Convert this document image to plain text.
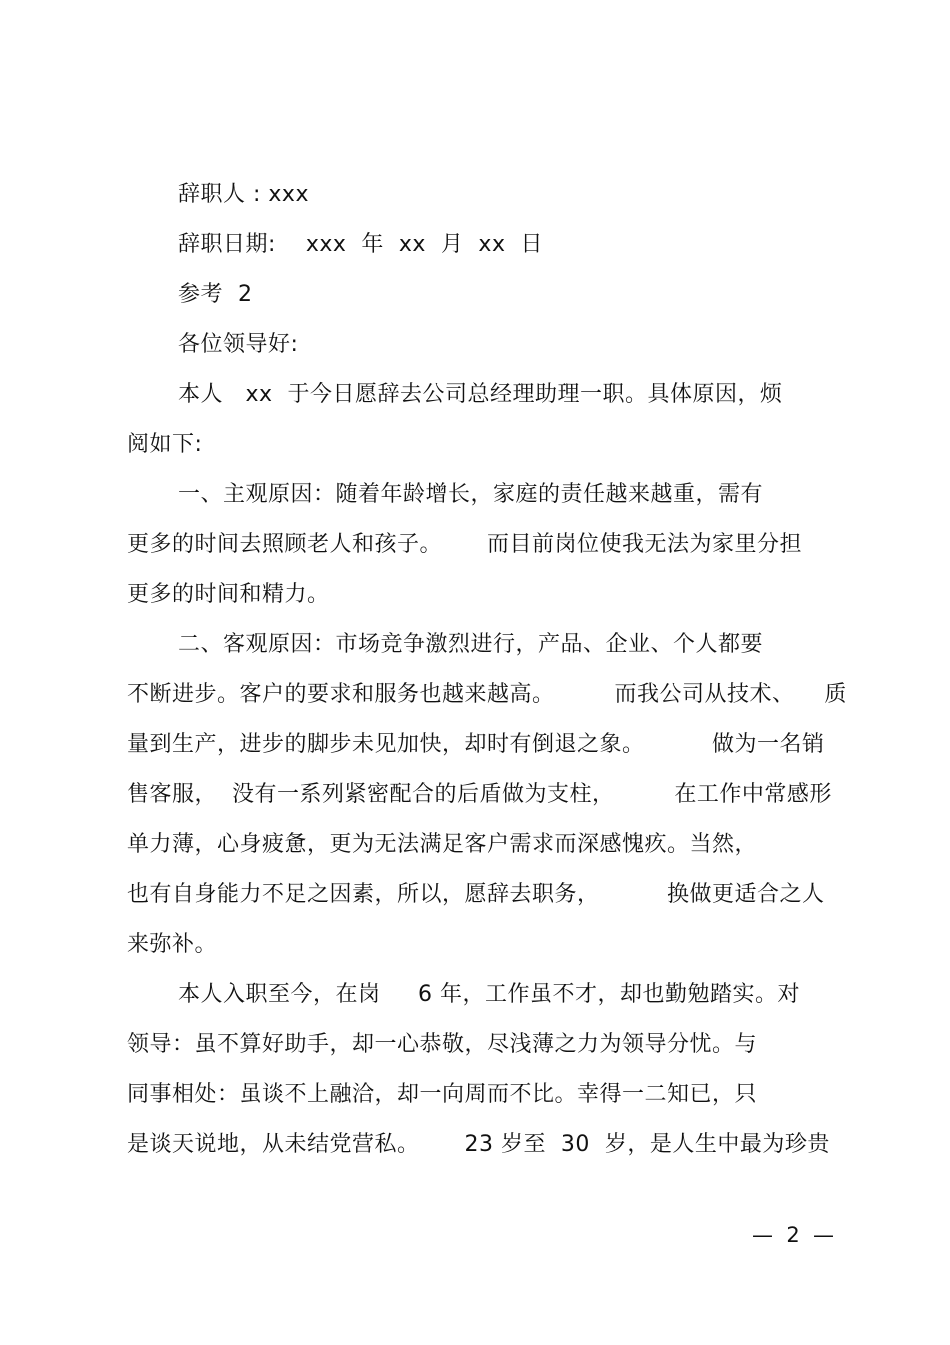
辞职人 : xxx
辞职日期:    xxx  年  xx  月  xx  日
参考  2
各位领导好:
本人   xx  于今日愿辞去公司总经理助理一职。具体原因，烦
阅如下:
一、主观原因：随着年龄增长，家庭的责任越来越重，需有
更多的时间去照顾老人和孩子。      而目前岗位使我无法为家里分担
更多的时间和精力。
二、客观原因：市场竞争激烈进行，产品、企业、个人都要
不断进步。客户的要求和服务也越来越高。        而我公司从技术、    质
量到生产，进步的脚步未见加快，却时有倒退之象。         做为一名销
售客服，  没有一系列紧密配合的后盾做为支柱，        在工作中常感形
单力薄，心身疲惫，更为无法满足客户需求而深感愧疚。当然，
也有自身能力不足之因素，所以，愿辞去职务，         换做更适合之人
来弥补。
本人入职至今，在岗     6 年，工作虽不才，却也勤勉踏实。对
领导：虽不算好助手，却一心恭敬，尽浅薄之力为领导分忧。与
同事相处：虽谈不上融洽，却一向周而不比。幸得一二知已，只
是谈天说地，从未结党营私。      23 岁至  30  岁，是人生中最为珍贵
—  2  —
